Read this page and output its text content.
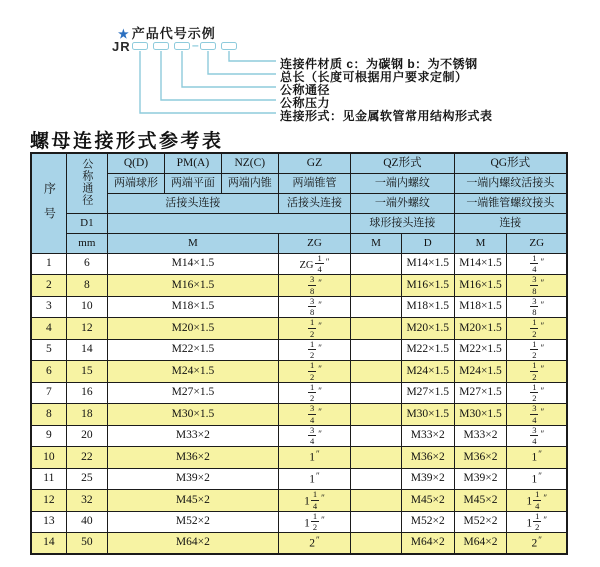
★ 产品代号示例
JR	–
连接件材质 c：为碳钢 b：为不锈钢
总长（长度可根据用户要求定制）
公称通径
公称压力
连接形式：见金属软管常用结构形式表
螺母连接形式参考表
序号	公称通径	Q(D)	PM(A)	NZ(C)	GZ	QZ形式		QG形式	
		两端球形	两端平面	两端内锥	两端锥管	一端内螺纹		一端内螺纹活接头	
		活接头连接			活接头连接	一端外螺纹		一端锥管螺纹接头	
	D1					球形接头连接		连接	
	mm	M			ZG	M	D	M	ZG
1	6	M14×1.5			ZG $\frac{1}{4} ''$		M14×1.5	M14×1.5	$\frac{1}{4} ''$
2	8	M16×1.5			$\frac{3}{8} ''$		M16×1.5	M16×1.5	$\frac{3}{8} ''$
3	10	M18×1.5			$\frac{3}{8} ''$		M18×1.5	M18×1.5	$\frac{3}{8} ''$
4	12	M20×1.5			$\frac{1}{2} ''$		M20×1.5	M20×1.5	$\frac{1}{2} ''$
5	14	M22×1.5			$\frac{1}{2} ''$		M22×1.5	M22×1.5	$\frac{1}{2} ''$
6	15	M24×1.5			$\frac{1}{2} ''$		M24×1.5	M24×1.5	$\frac{1}{2} ''$
7	16	M27×1.5			$\frac{1}{2} ''$		M27×1.5	M27×1.5	$\frac{1}{2} ''$
8	18	M30×1.5			$\frac{3}{4} ''$		M30×1.5	M30×1.5	$\frac{3}{4} ''$
9	20	M33×2			$\frac{3}{4} ''$		M33×2	M33×2	$\frac{3}{4} ''$
10	22	M36×2			1″		M36×2	M36×2	1″
11	25	M39×2			1″		M39×2	M39×2	1″
12	32	M45×2			$1 \frac{1}{4} ''$		M45×2	M45×2	$1 \frac{1}{4} ''$
13	40	M52×2			$1 \frac{1}{2} ''$		M52×2	M52×2	$1 \frac{1}{2} ''$
14	50	M64×2			2″		M64×2	M64×2	2″
